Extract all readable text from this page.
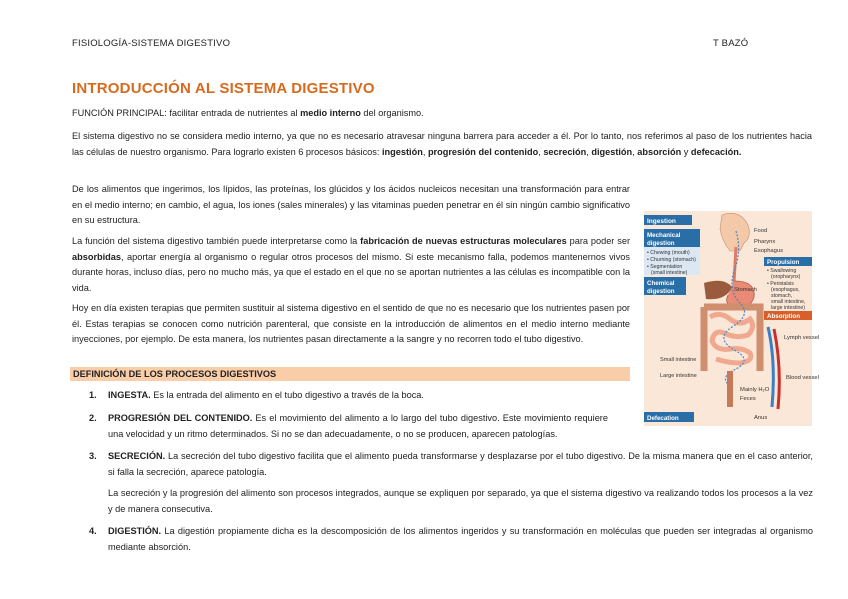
FISIOLOGÍA-SISTEMA DIGESTIVO	T BAZÓ
INTRODUCCIÓN AL SISTEMA DIGESTIVO

FUNCIÓN PRINCIPAL: facilitar entrada de nutrientes al medio interno del organismo.

El sistema digestivo no se considera medio interno, ya que no es necesario atravesar ninguna barrera para acceder a él. Por lo tanto, nos referimos al paso de los nutrientes hacia las células de nuestro organismo. Para lograrlo existen 6 procesos básicos: ingestión, progresión del contenido, secreción, digestión, absorción y defecación.

De los alimentos que ingerimos, los lípidos, las proteínas, los glúcidos y los ácidos nucleicos necesitan una transformación para entrar en el medio interno; en cambio, el agua, los iones (sales minerales) y las vitaminas pueden penetrar en él sin ningún cambio significativo en su estructura.

La función del sistema digestivo también puede interpretarse como la fabricación de nuevas estructuras moleculares para poder ser absorbidas, aportar energía al organismo o regular otros procesos del mismo. Si este mecanismo falla, podemos mantenernos vivos durante horas, incluso días, pero no mucho más, ya que el estado en el que no se aportan nutrientes a las células es incompatible con la vida.

Hoy en día existen terapias que permiten sustituir al sistema digestivo en el sentido de que no es necesario que los nutrientes pasen por él. Estas terapias se conocen como nutrición parenteral, que consiste en la introducción de alimentos en el medio interno mediante inyecciones, por ejemplo. De esta manera, los nutrientes pasan directamente a la sangre y no recorren todo el tubo digestivo.

DEFINICIÓN DE LOS PROCESOS DIGESTIVOS
1. INGESTA. Es la entrada del alimento en el tubo digestivo a través de la boca.
2. PROGRESIÓN DEL CONTENIDO. Es el movimiento del alimento a lo largo del tubo digestivo. Este movimiento requiere una velocidad y un ritmo determinados. Si no se dan adecuadamente, o no se producen, aparecen patologías.
3. SECRECIÓN. La secreción del tubo digestivo facilita que el alimento pueda transformarse y desplazarse por el tubo digestivo. De la misma manera que en el caso anterior, si falla la secreción, aparece patología.

La secreción y la progresión del alimento son procesos integrados, aunque se expliquen por separado, ya que el sistema digestivo va realizando todos los procesos a la vez y de manera consecutiva.

4. DIGESTIÓN. La digestión propiamente dicha es la descomposición de los alimentos ingeridos y su transformación en moléculas que pueden ser integradas al organismo mediante absorción.
Ingestion
Mechanical
digestion
• Chewing (mouth)
• Churning (stomach)
• Segmentation
(small intestine)
Chemical
digestion
Propulsion
• Swallowing
(oropharynx)
• Peristalsis
(esophagus,
stomach,
small intestine,
large intestine)
Absorption
Defecation
Food
Pharynx
Esophagus
Stomach
Lymph vessel
Small intestine
Large intestine	Blood vessel
Mainly H₂O
Feces
Anus
